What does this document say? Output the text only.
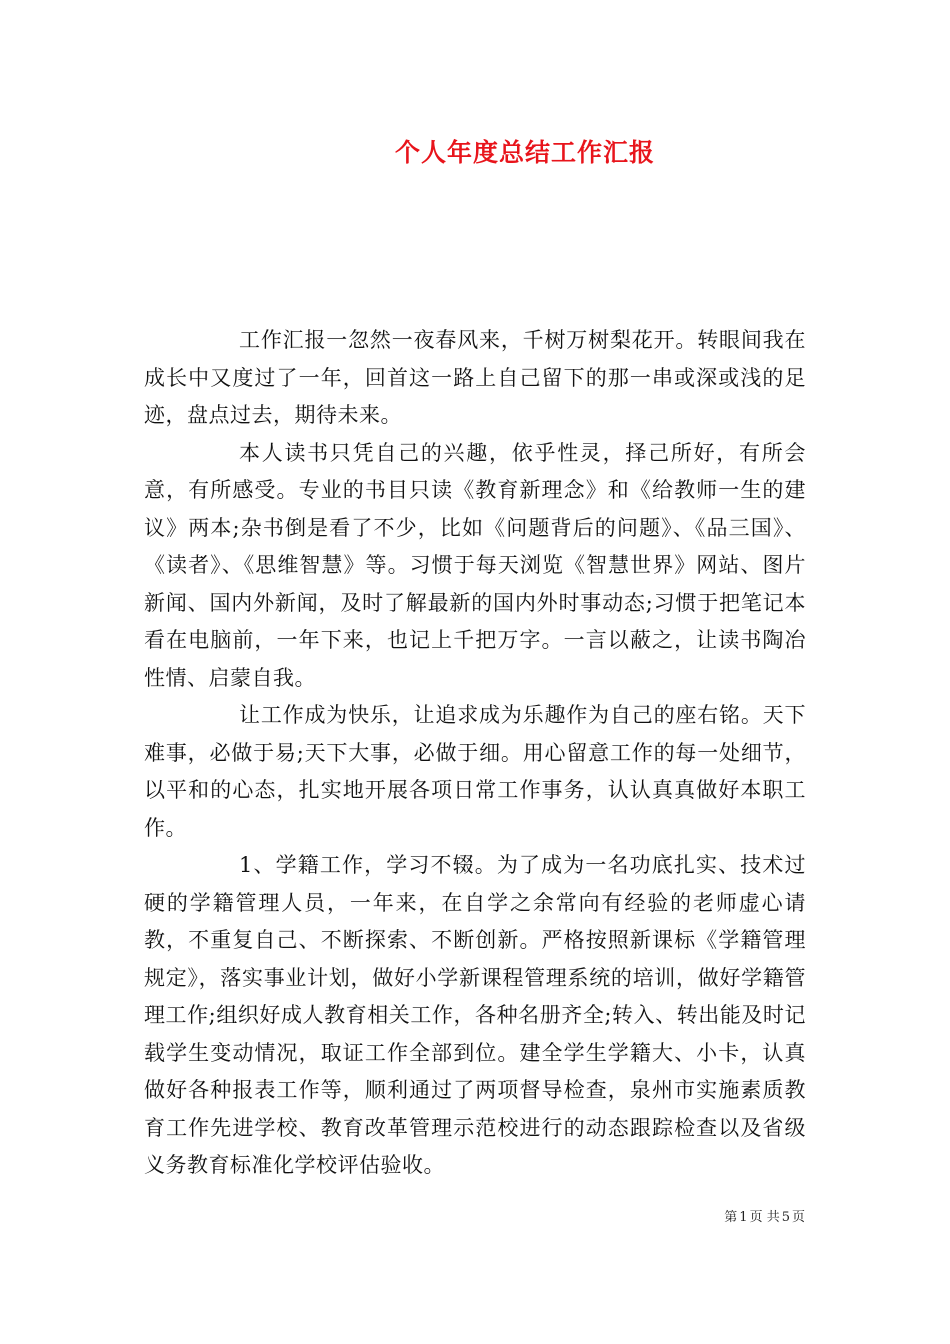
个人年度总结工作汇报

工作汇报一忽然一夜春风来，千树万树梨花开。转眼间我在成长中又度过了一年，回首这一路上自己留下的那一串或深或浅的足迹，盘点过去，期待未来。

本人读书只凭自己的兴趣，依乎性灵，择己所好，有所会意，有所感受。专业的书目只读《教育新理念》和《给教师一生的建议》两本;杂书倒是看了不少，比如《问题背后的问题》、《品三国》、《读者》、《思维智慧》等。习惯于每天浏览《智慧世界》网站、图片新闻、国内外新闻，及时了解最新的国内外时事动态;习惯于把笔记本看在电脑前，一年下来，也记上千把万字。一言以蔽之，让读书陶冶性情、启蒙自我。

让工作成为快乐，让追求成为乐趣作为自己的座右铭。天下难事，必做于易;天下大事，必做于细。用心留意工作的每一处细节，以平和的心态，扎实地开展各项日常工作事务，认认真真做好本职工作。

1、学籍工作，学习不辍。为了成为一名功底扎实、技术过硬的学籍管理人员，一年来，在自学之余常向有经验的老师虚心请教，不重复自己、不断探索、不断创新。严格按照新课标《学籍管理规定》，落实事业计划，做好小学新课程管理系统的培训，做好学籍管理工作;组织好成人教育相关工作，各种名册齐全;转入、转出能及时记载学生变动情况，取证工作全部到位。建全学生学籍大、小卡，认真做好各种报表工作等，顺利通过了两项督导检查，泉州市实施素质教育工作先进学校、教育改革管理示范校进行的动态跟踪检查以及省级义务教育标准化学校评估验收。

第 1 页 共 5 页
